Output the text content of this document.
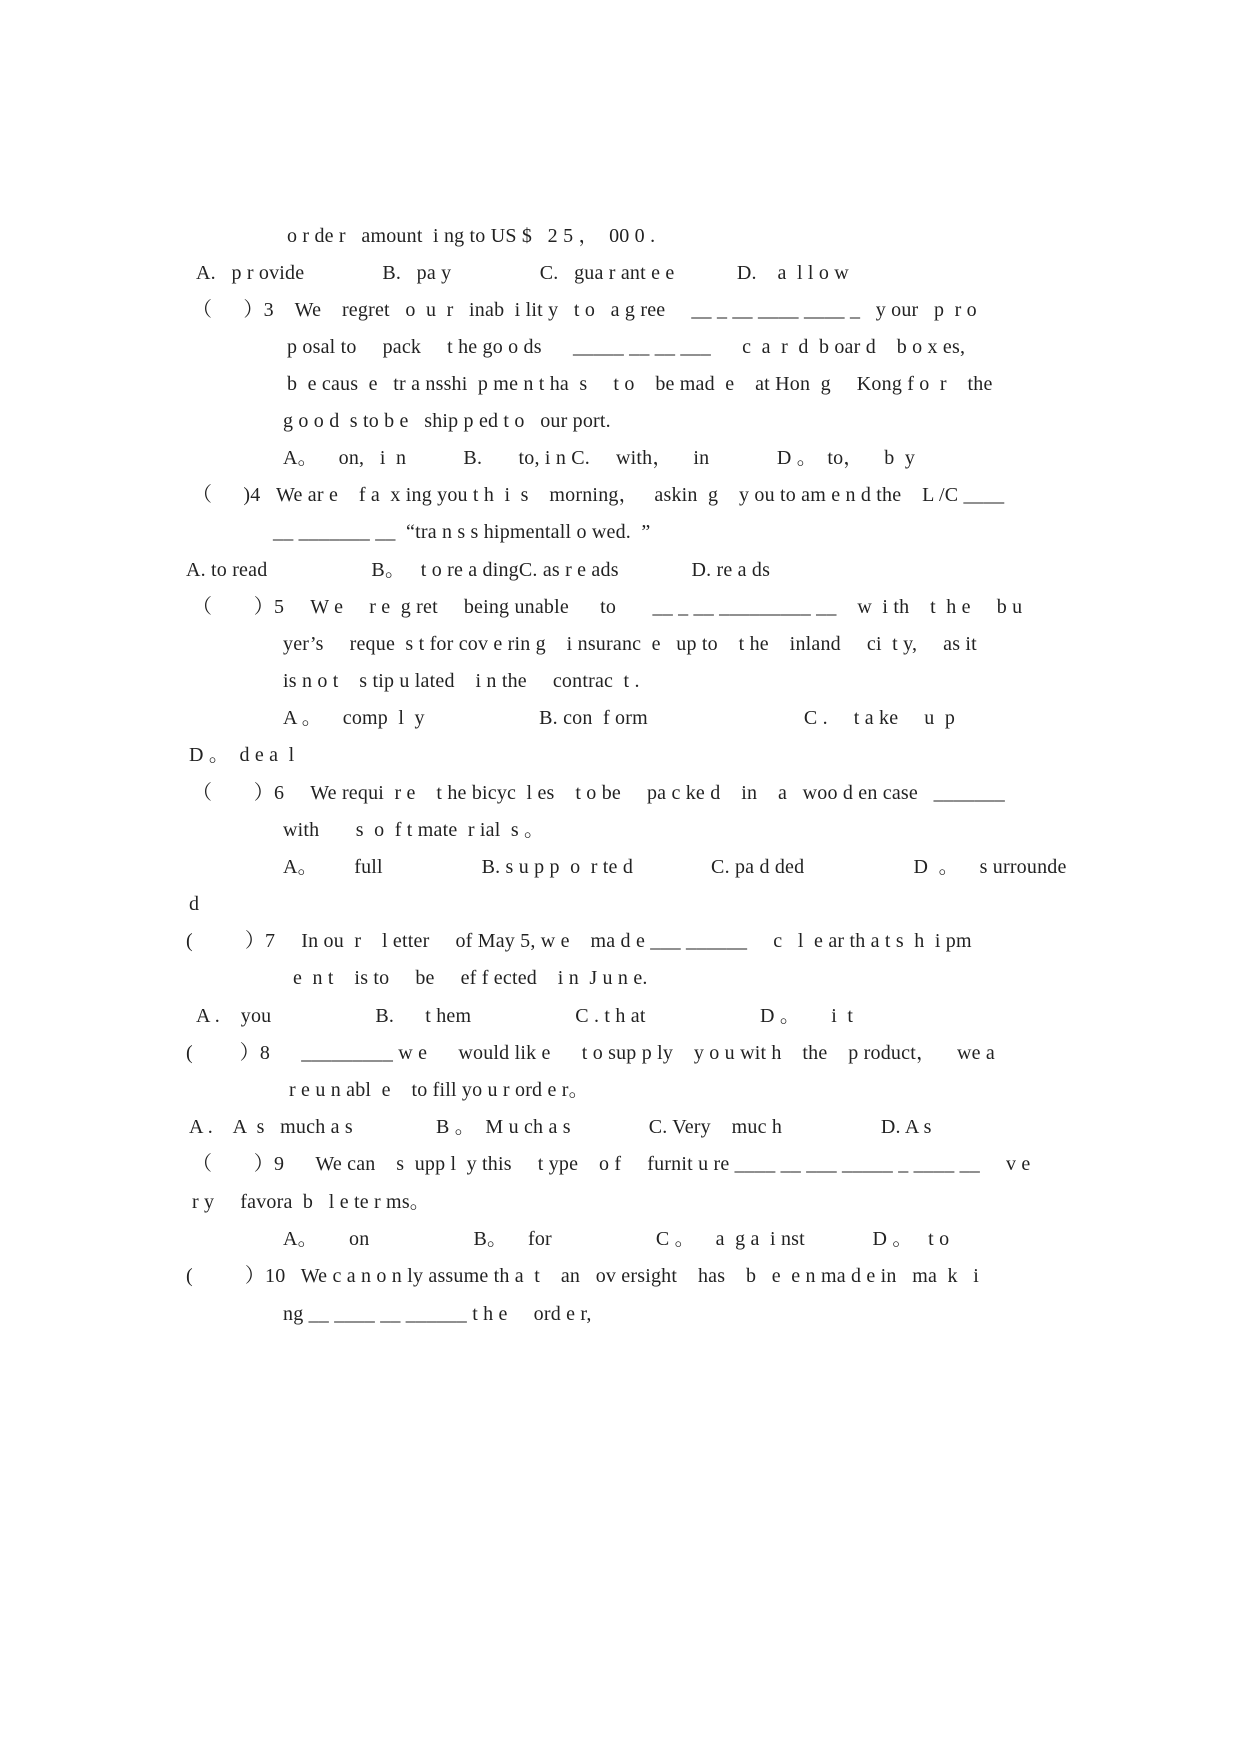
o r de r   amount  i ng to US $   2 5 ，  00 0 .

A.   p r ovide               B.   pa y                 C.   gua r ant e e            D.    a  l l o w

（      ）3    We    regret   o  u  r   inab  i lit y   t o   a g ree     __ _ __ ____ ____ _   y our   p  r o

p osal to     pack     t he go o ds      _____ __ __ ___      c  a  r  d  b oar d    b o x es,

b  e caus  e   tr a nsshi  p me n t ha  s     t o    be mad  e    at Hon  g     Kong f o  r    the

g o o d  s to b e   ship p ed t o   our port.

A。    on,   i  n           B.       to, i n C.     with，    in             D 。  to，    b  y

（      )4   We ar e    f a  x ing you t h  i  s    morning，   askin  g    y ou to am e n d the    L /C ____

__ _______ __  “tra n s s hipmentall o wed.  ”

A. to read                    B。   t o re a dingC. as r e ads              D. re a ds

（        ）5     W e     r e  g ret     being unable      to       __ _ __ _________ __    w  i th    t  h e     b u

yer’s     reque  s t for cov e rin g    i nsuranc  e   up to    t he    inland     ci  t y,     as it

is n o t    s tip u lated    i n the     contrac  t .

A 。    comp  l  y                      B. con  f orm                              C .     t a ke     u  p

D 。  d e a  l

（        ）6     We requi  r e    t he bicyc  l es    t o be     pa c ke d    in    a   woo d en case   _______

with       s  o  f t mate  r ial  s 。

A。       full                   B. s u p p  o  r te d               C. pa d ded                     D  。    s urrounde

d

(          ）7     In ou  r    l etter     of May 5, w e    ma d e ___ ______     c   l  e ar th a t s  h  i pm

e  n t    is to     be     ef f ected    i n  J u n e.

A .    you                    B.      t hem                    C . t h at                      D 。      i  t

(         ）8      _________ w e      would lik e      t o sup p ly    y o u wit h    the    p roduct，    we a

r e u n abl  e    to fill yo u r ord e r。

A .    A  s   much a s                B 。  M u ch a s               C. Very    muc h                   D. A s

（        ）9      We can    s  upp l  y this     t ype    o f     furnit u re ____ __ ___ _____ _ ____ __     v e

r y     favora  b   l e te r ms。

A。      on                    B。    for                    C 。    a  g a  i nst             D 。   t o

(          ）10   We c a n o n ly assume th a  t    an   ov ersight    has    b   e  e n ma d e in   ma  k   i

ng __ ____ __ ______ t h e     ord e r,
